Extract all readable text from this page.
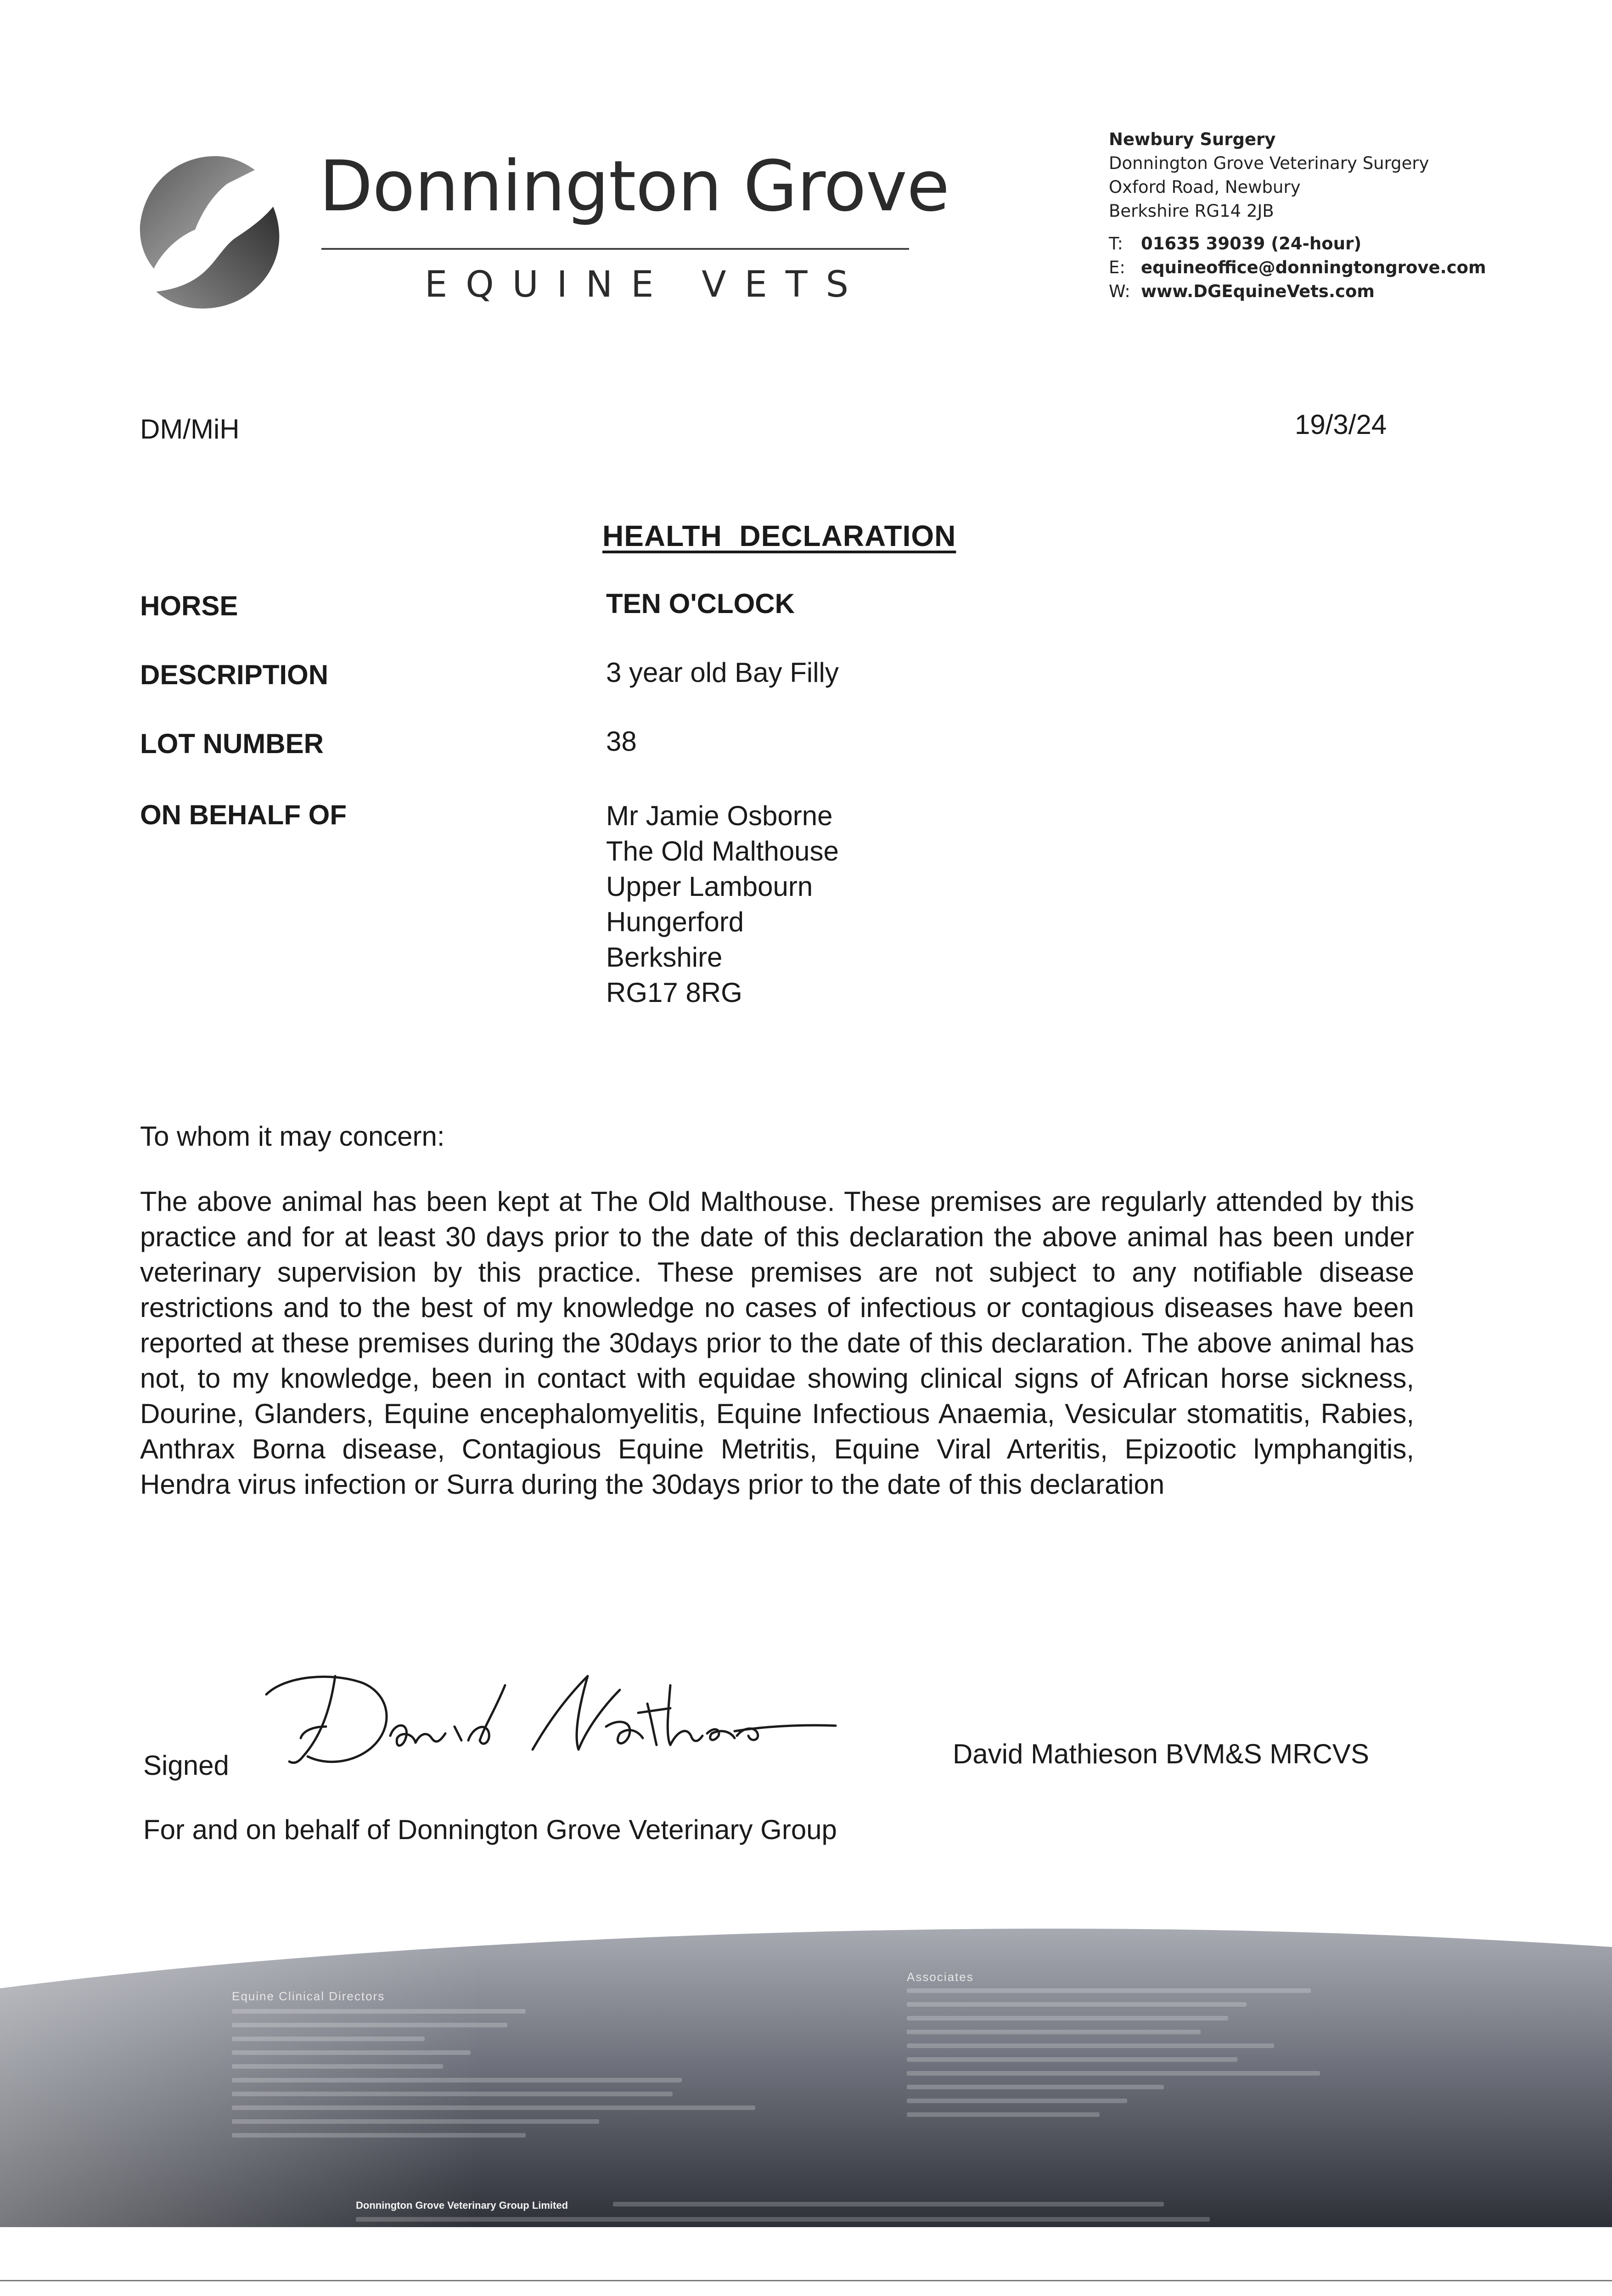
Donnington Grove
EQUINE VETS
Newbury Surgery
Donnington Grove Veterinary Surgery
Oxford Road, Newbury
Berkshire RG14 2JB
T: 01635 39039 (24-hour)
E: equineoffice@donningtongrove.com
W: www.DGEquineVets.com
DM/MiH	19/3/24
HEALTH  DECLARATION
HORSE	TEN O'CLOCK
DESCRIPTION	3 year old Bay Filly
LOT NUMBER	38
ON BEHALF OF	Mr Jamie Osborne
The Old Malthouse
Upper Lambourn
Hungerford
Berkshire
RG17 8RG
To whom it may concern:
The above animal has been kept at The Old Malthouse. These premises are regularly attended by this practice and for at least 30 days prior to the date of this declaration the above animal has been under veterinary supervision by this practice. These premises are not subject to any notifiable disease restrictions and to the best of my knowledge no cases of infectious or contagious diseases have been reported at these premises during the 30days prior to the date of this declaration. The above animal has not, to my knowledge, been in contact with equidae showing clinical signs of African horse sickness, Dourine, Glanders, Equine encephalomyelitis, Equine Infectious Anaemia, Vesicular stomatitis, Rabies, Anthrax Borna disease, Contagious Equine Metritis, Equine Viral Arteritis, Epizootic lymphangitis, Hendra virus infection or Surra during the 30days prior to the date of this declaration
Signed	David Mathieson BVM&S MRCVS
For and on behalf of Donnington Grove Veterinary Group
Equine Clinical Directors
Associates
Donnington Grove Veterinary Group Limited
